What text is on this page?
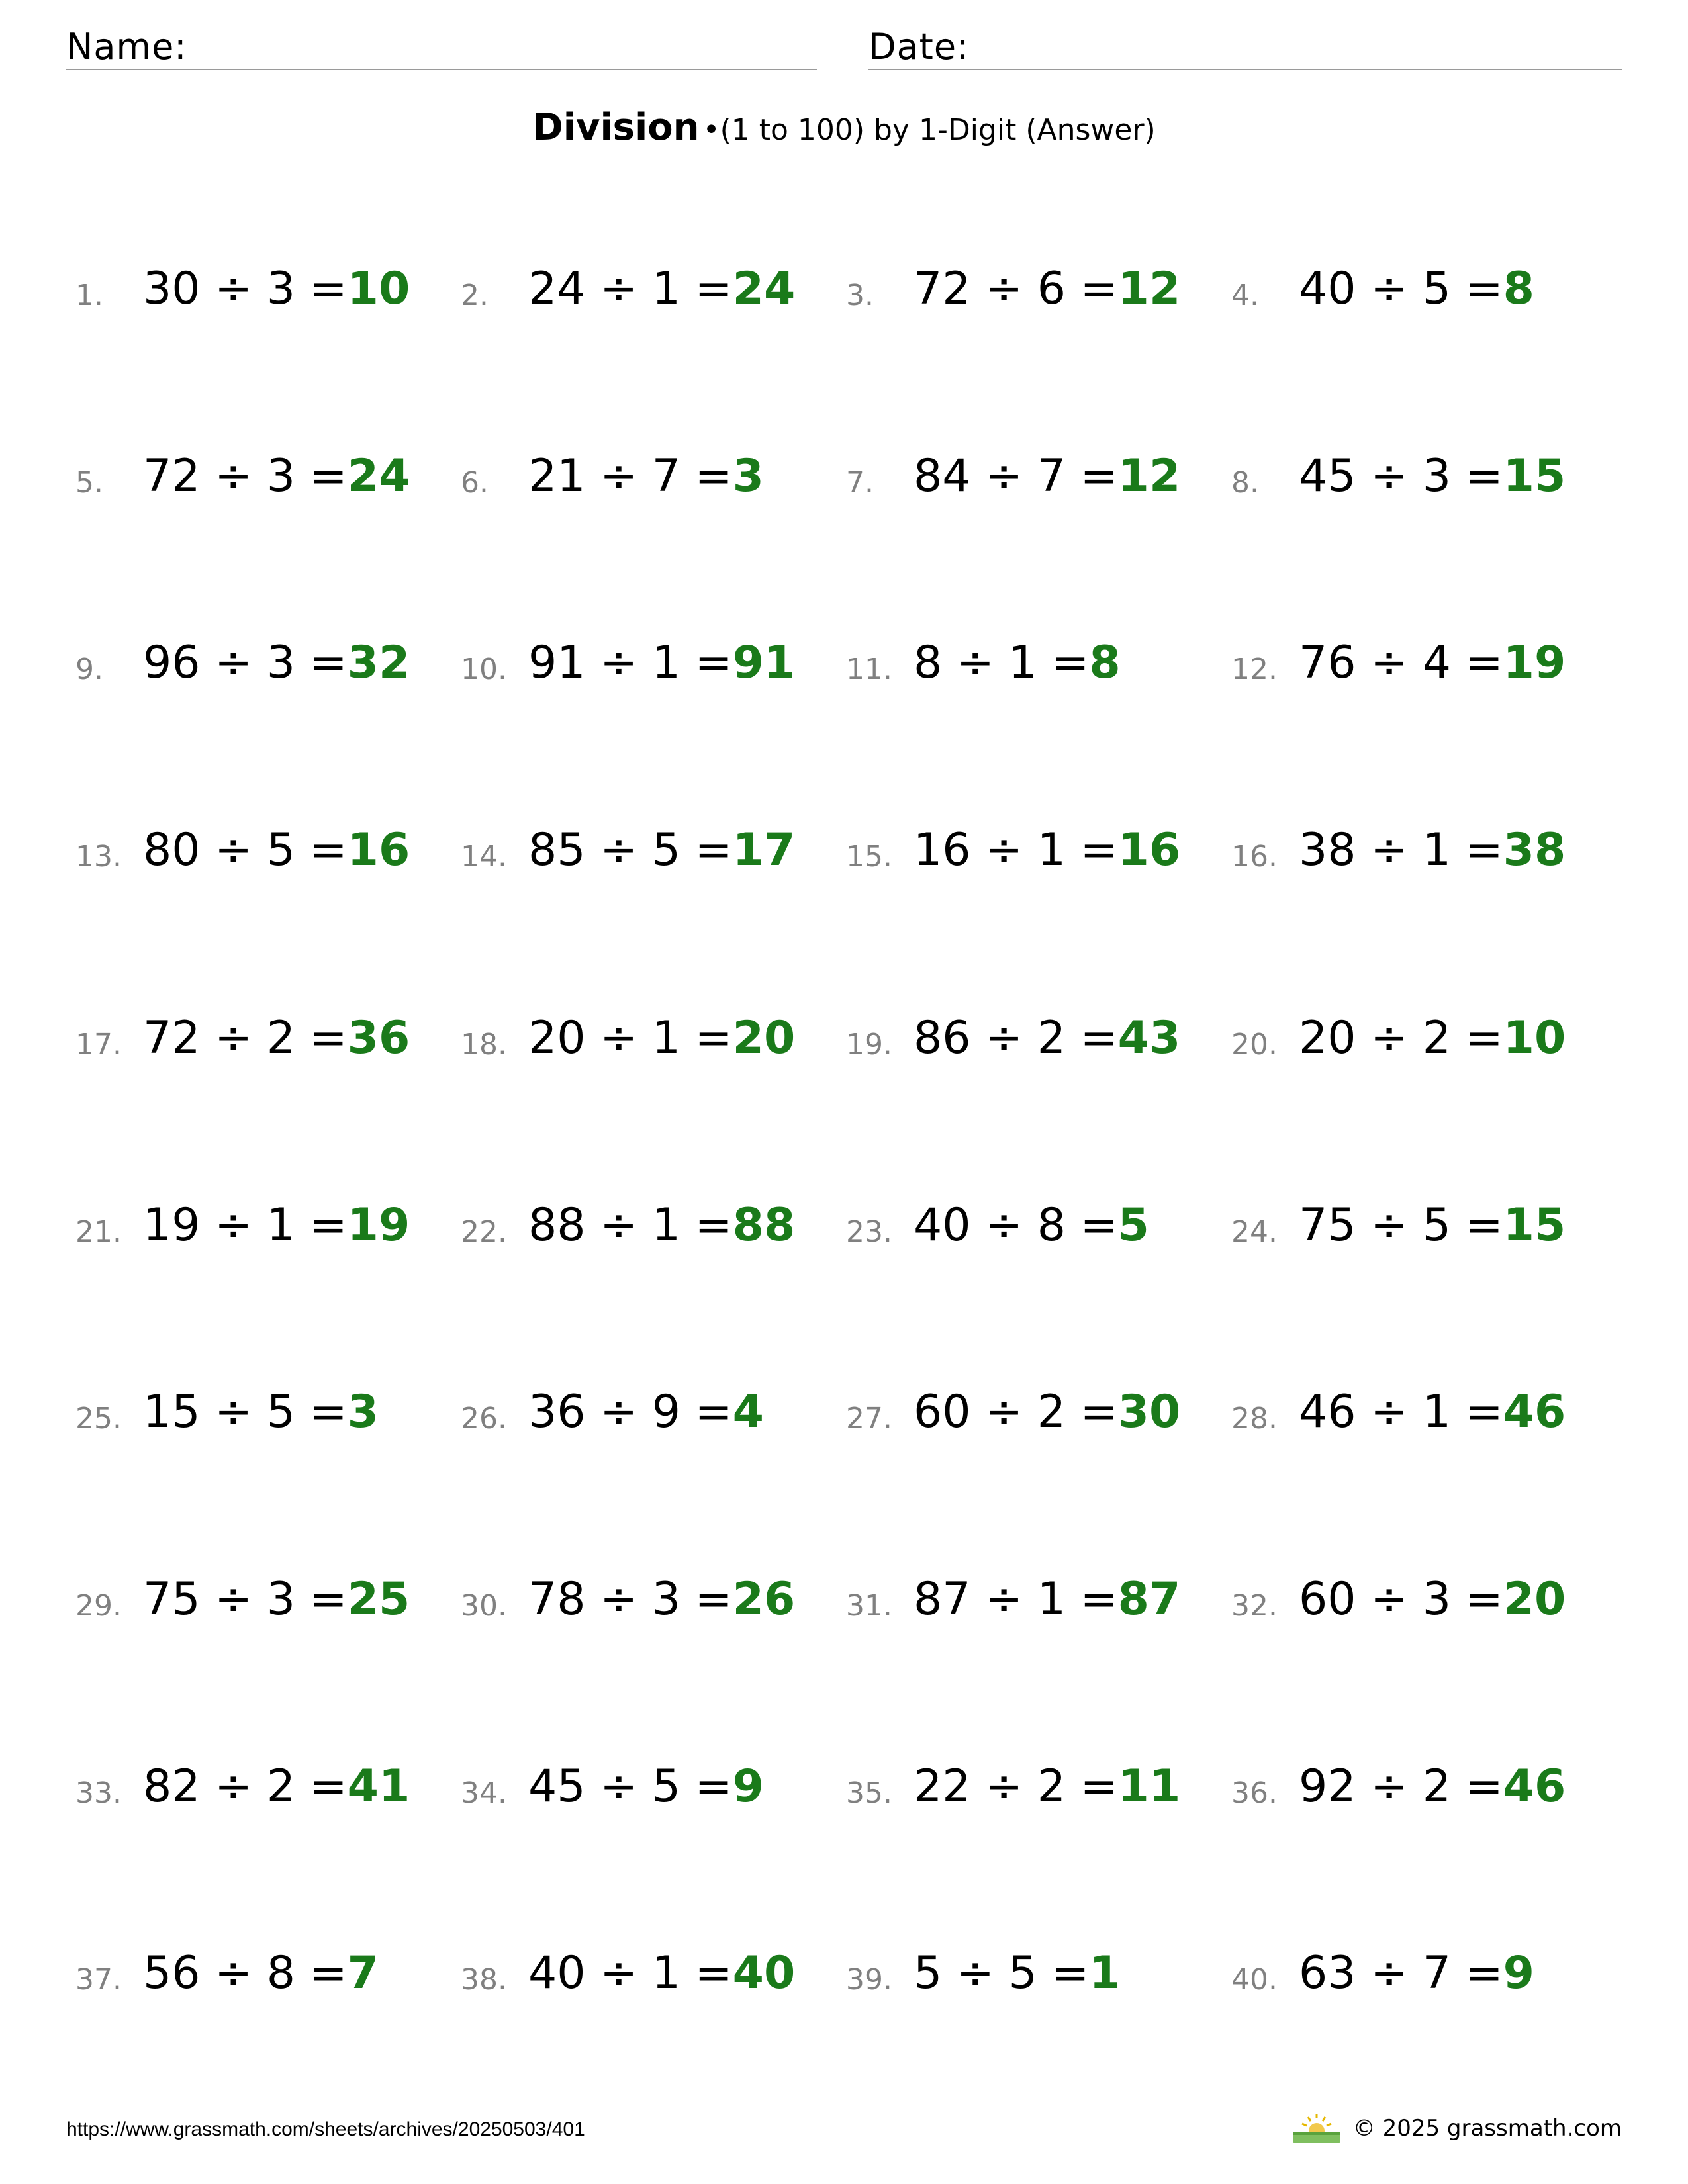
Name:	Date:
Division •(1 to 100) by 1-Digit (Answer)
1. 30 ÷ 3 =10 2. 24 ÷ 1 =24 3. 72 ÷ 6 =12 4. 40 ÷ 5 =8
5. 72 ÷ 3 =24 6. 21 ÷ 7 =3	7. 84 ÷ 7 =12 8. 45 ÷ 3 =15
9. 96 ÷ 3 =32 10. 91 ÷ 1 =91 11. 8 ÷ 1 =8	12. 76 ÷ 4 =19
13. 80 ÷ 5 =16 14. 85 ÷ 5 =17 15. 16 ÷ 1 =16 16. 38 ÷ 1 =38
17. 72 ÷ 2 =36 18. 20 ÷ 1 =20 19. 86 ÷ 2 =43 20. 20 ÷ 2 =10
21. 19 ÷ 1 =19 22. 88 ÷ 1 =88 23. 40 ÷ 8 =5	24. 75 ÷ 5 =15
25. 15 ÷ 5 =3	26. 36 ÷ 9 =4	27. 60 ÷ 2 =30 28. 46 ÷ 1 =46
29. 75 ÷ 3 =25 30. 78 ÷ 3 =26 31. 87 ÷ 1 =87 32. 60 ÷ 3 =20
33. 82 ÷ 2 =41 34. 45 ÷ 5 =9	35. 22 ÷ 2 =11 36. 92 ÷ 2 =46
37. 56 ÷ 8 =7	38. 40 ÷ 1 =40 39. 5 ÷ 5 =1	40. 63 ÷ 7 =9
https://www.grassmath.com/sheets/archives/20250503/401	© 2025 grassmath.com
